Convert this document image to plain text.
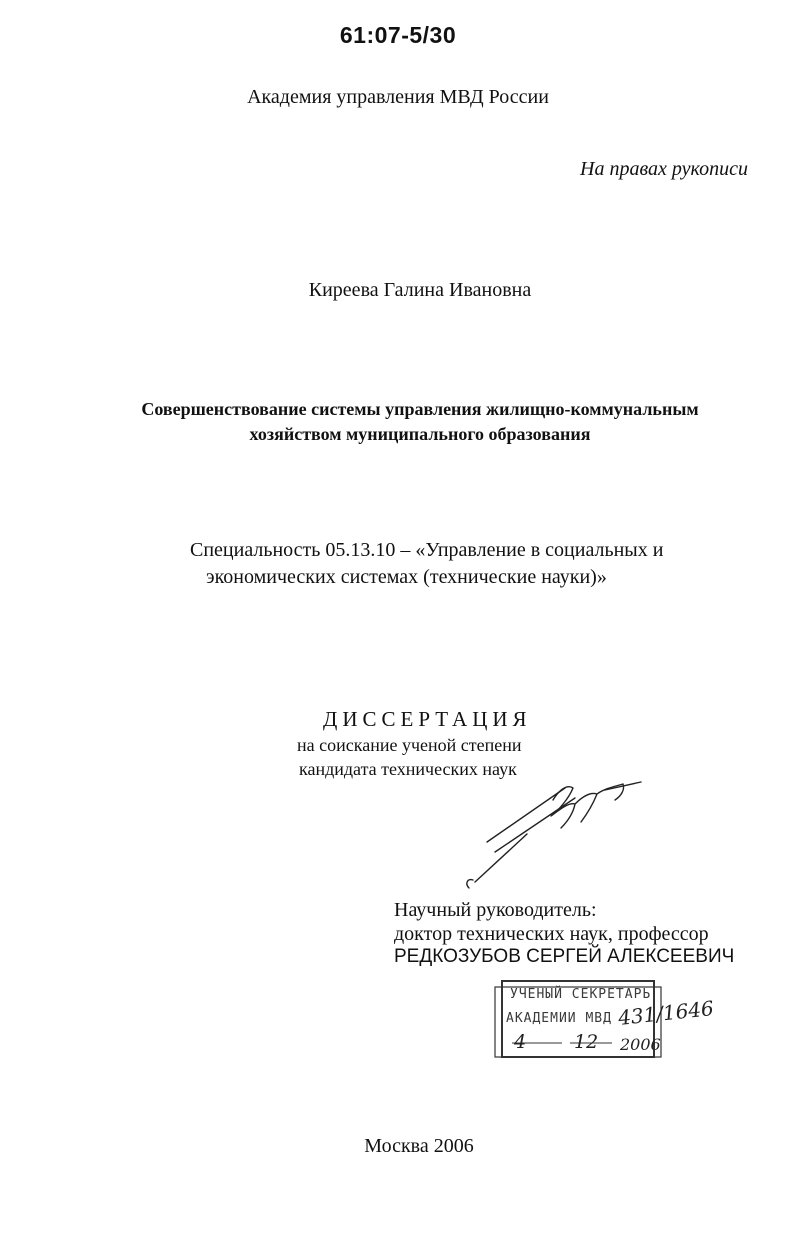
61:07-5/30
Академия управления МВД России
На правах рукописи
Киреева Галина Ивановна
Совершенствование системы управления жилищно-коммунальным
хозяйством муниципального образования
Специальность 05.13.10 – «Управление в социальных и
экономических системах (технические науки)»
ДИССЕРТАЦИЯ
на соискание ученой степени
кандидата технических наук
Научный руководитель:
доктор технических наук, профессор
РЕДКОЗУБОВ СЕРГЕЙ АЛЕКСЕЕВИЧ
УЧЕНЫЙ СЕКРЕТАРЬ
АКАДЕМИИ МВД 431/1646
4	12 2006
Москва 2006
